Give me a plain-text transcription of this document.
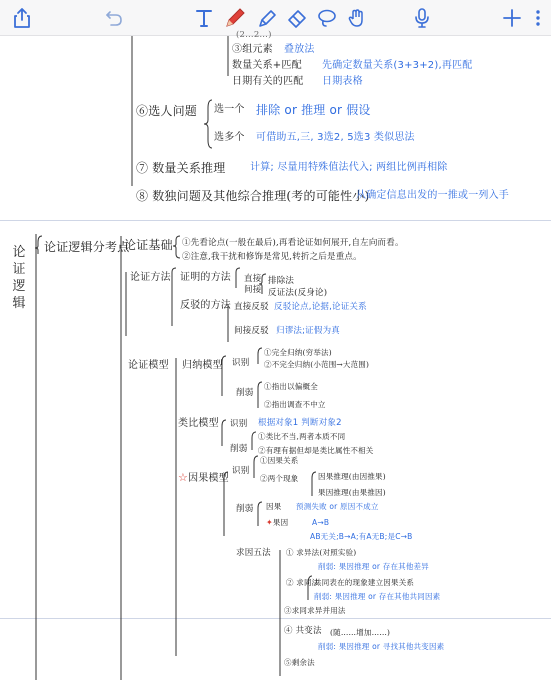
(2…2…)
③组元素 叠放法
数量关系+匹配 先确定数量关系(3+3+2),再匹配
日期有关的匹配 日期表格
⑥选人问题 选一个 排除 or 推理 or 假设
选多个 可借助五,三, 3选2, 5选3 类似思法
⑦ 数量关系推理 计算; 尽量用特殊值法代入; 两组比例再相除
⑧ 数独问题及其他综合推理(考的可能性小)
从确定信息出发的一推或一列入手
论证逻辑
论证逻辑分考点
论证基础 ①先看论点(一般在最后),再看论证如何展开,自左向而看。
②注意,我干扰和修饰是常见,转折之后是重点。
论证方法 证明的方法 直接
间接
排除法
反证法(反身论)
反驳的方法 直接反驳 反驳论点,论据,论证关系
间接反驳 归谬法;证假为真
论证模型 归纳模型 识别
①完全归纳(穷举法)
②不完全归纳(小范围→大范围)
削弱
①指出以偏概全
②指出调查不中立
类比模型 识别 根据对象1 判断对象2
削弱
①类比不当,两者本质不同
②有理有据但却是类比属性不相关
☆因果模型
识别
①因果关系
②两个现象	因果推理(由因推果)
果因推理(由果推因)
削弱 因果 预测失败 or 原因不成立
✦果因	A→B
AB无关;B→A;有A无B;是C→B
求因五法 ① 求异法(对照实验)
削弱: 果因推理 or 存在其他差异
② 求同法
共同表在的现象建立因果关系
削弱: 果因推理 or 存在其他共同因素
③求同求异并用法
④ 共变法 (随……增加……)
削弱: 果因推理 or 寻找其他共变因素
⑤剩余法
